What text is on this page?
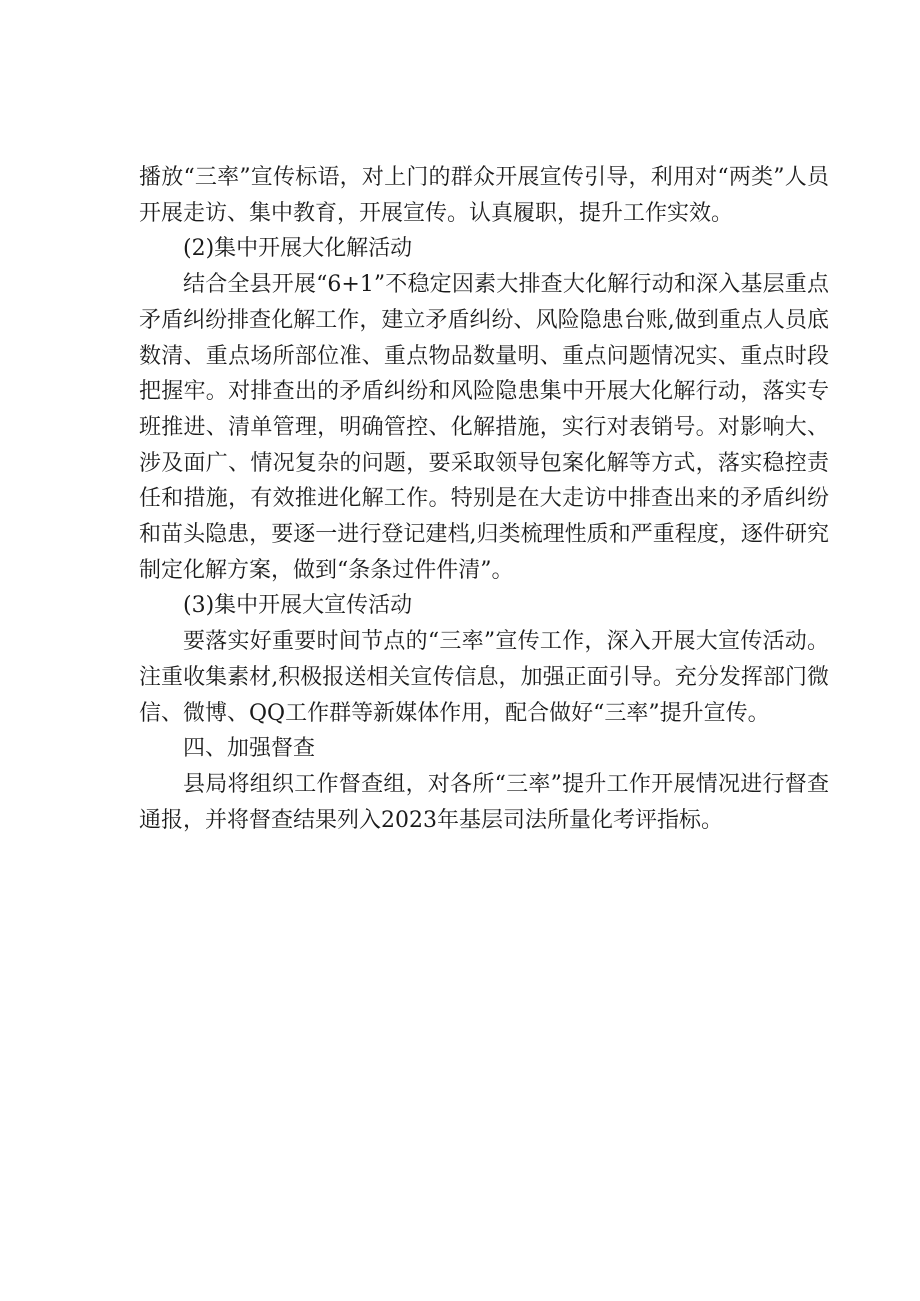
播放“三率”宣传标语，对上门的群众开展宣传引导，利用对“两类”人员开展走访、集中教育，开展宣传。认真履职，提升工作实效。

(2)集中开展大化解活动

结合全县开展“6+1”不稳定因素大排查大化解行动和深入基层重点矛盾纠纷排查化解工作，建立矛盾纠纷、风险隐患台账,做到重点人员底数清、重点场所部位准、重点物品数量明、重点问题情况实、重点时段把握牢。对排查出的矛盾纠纷和风险隐患集中开展大化解行动，落实专班推进、清单管理，明确管控、化解措施，实行对表销号。对影响大、涉及面广、情况复杂的问题，要采取领导包案化解等方式，落实稳控责任和措施，有效推进化解工作。特别是在大走访中排查出来的矛盾纠纷和苗头隐患，要逐一进行登记建档,归类梳理性质和严重程度，逐件研究制定化解方案，做到“条条过件件清”。

(3)集中开展大宣传活动

要落实好重要时间节点的“三率”宣传工作，深入开展大宣传活动。注重收集素材,积极报送相关宣传信息，加强正面引导。充分发挥部门微信、微博、QQ工作群等新媒体作用，配合做好“三率”提升宣传。

四、加强督查

县局将组织工作督查组，对各所“三率”提升工作开展情况进行督查通报，并将督查结果列入2023年基层司法所量化考评指标。
